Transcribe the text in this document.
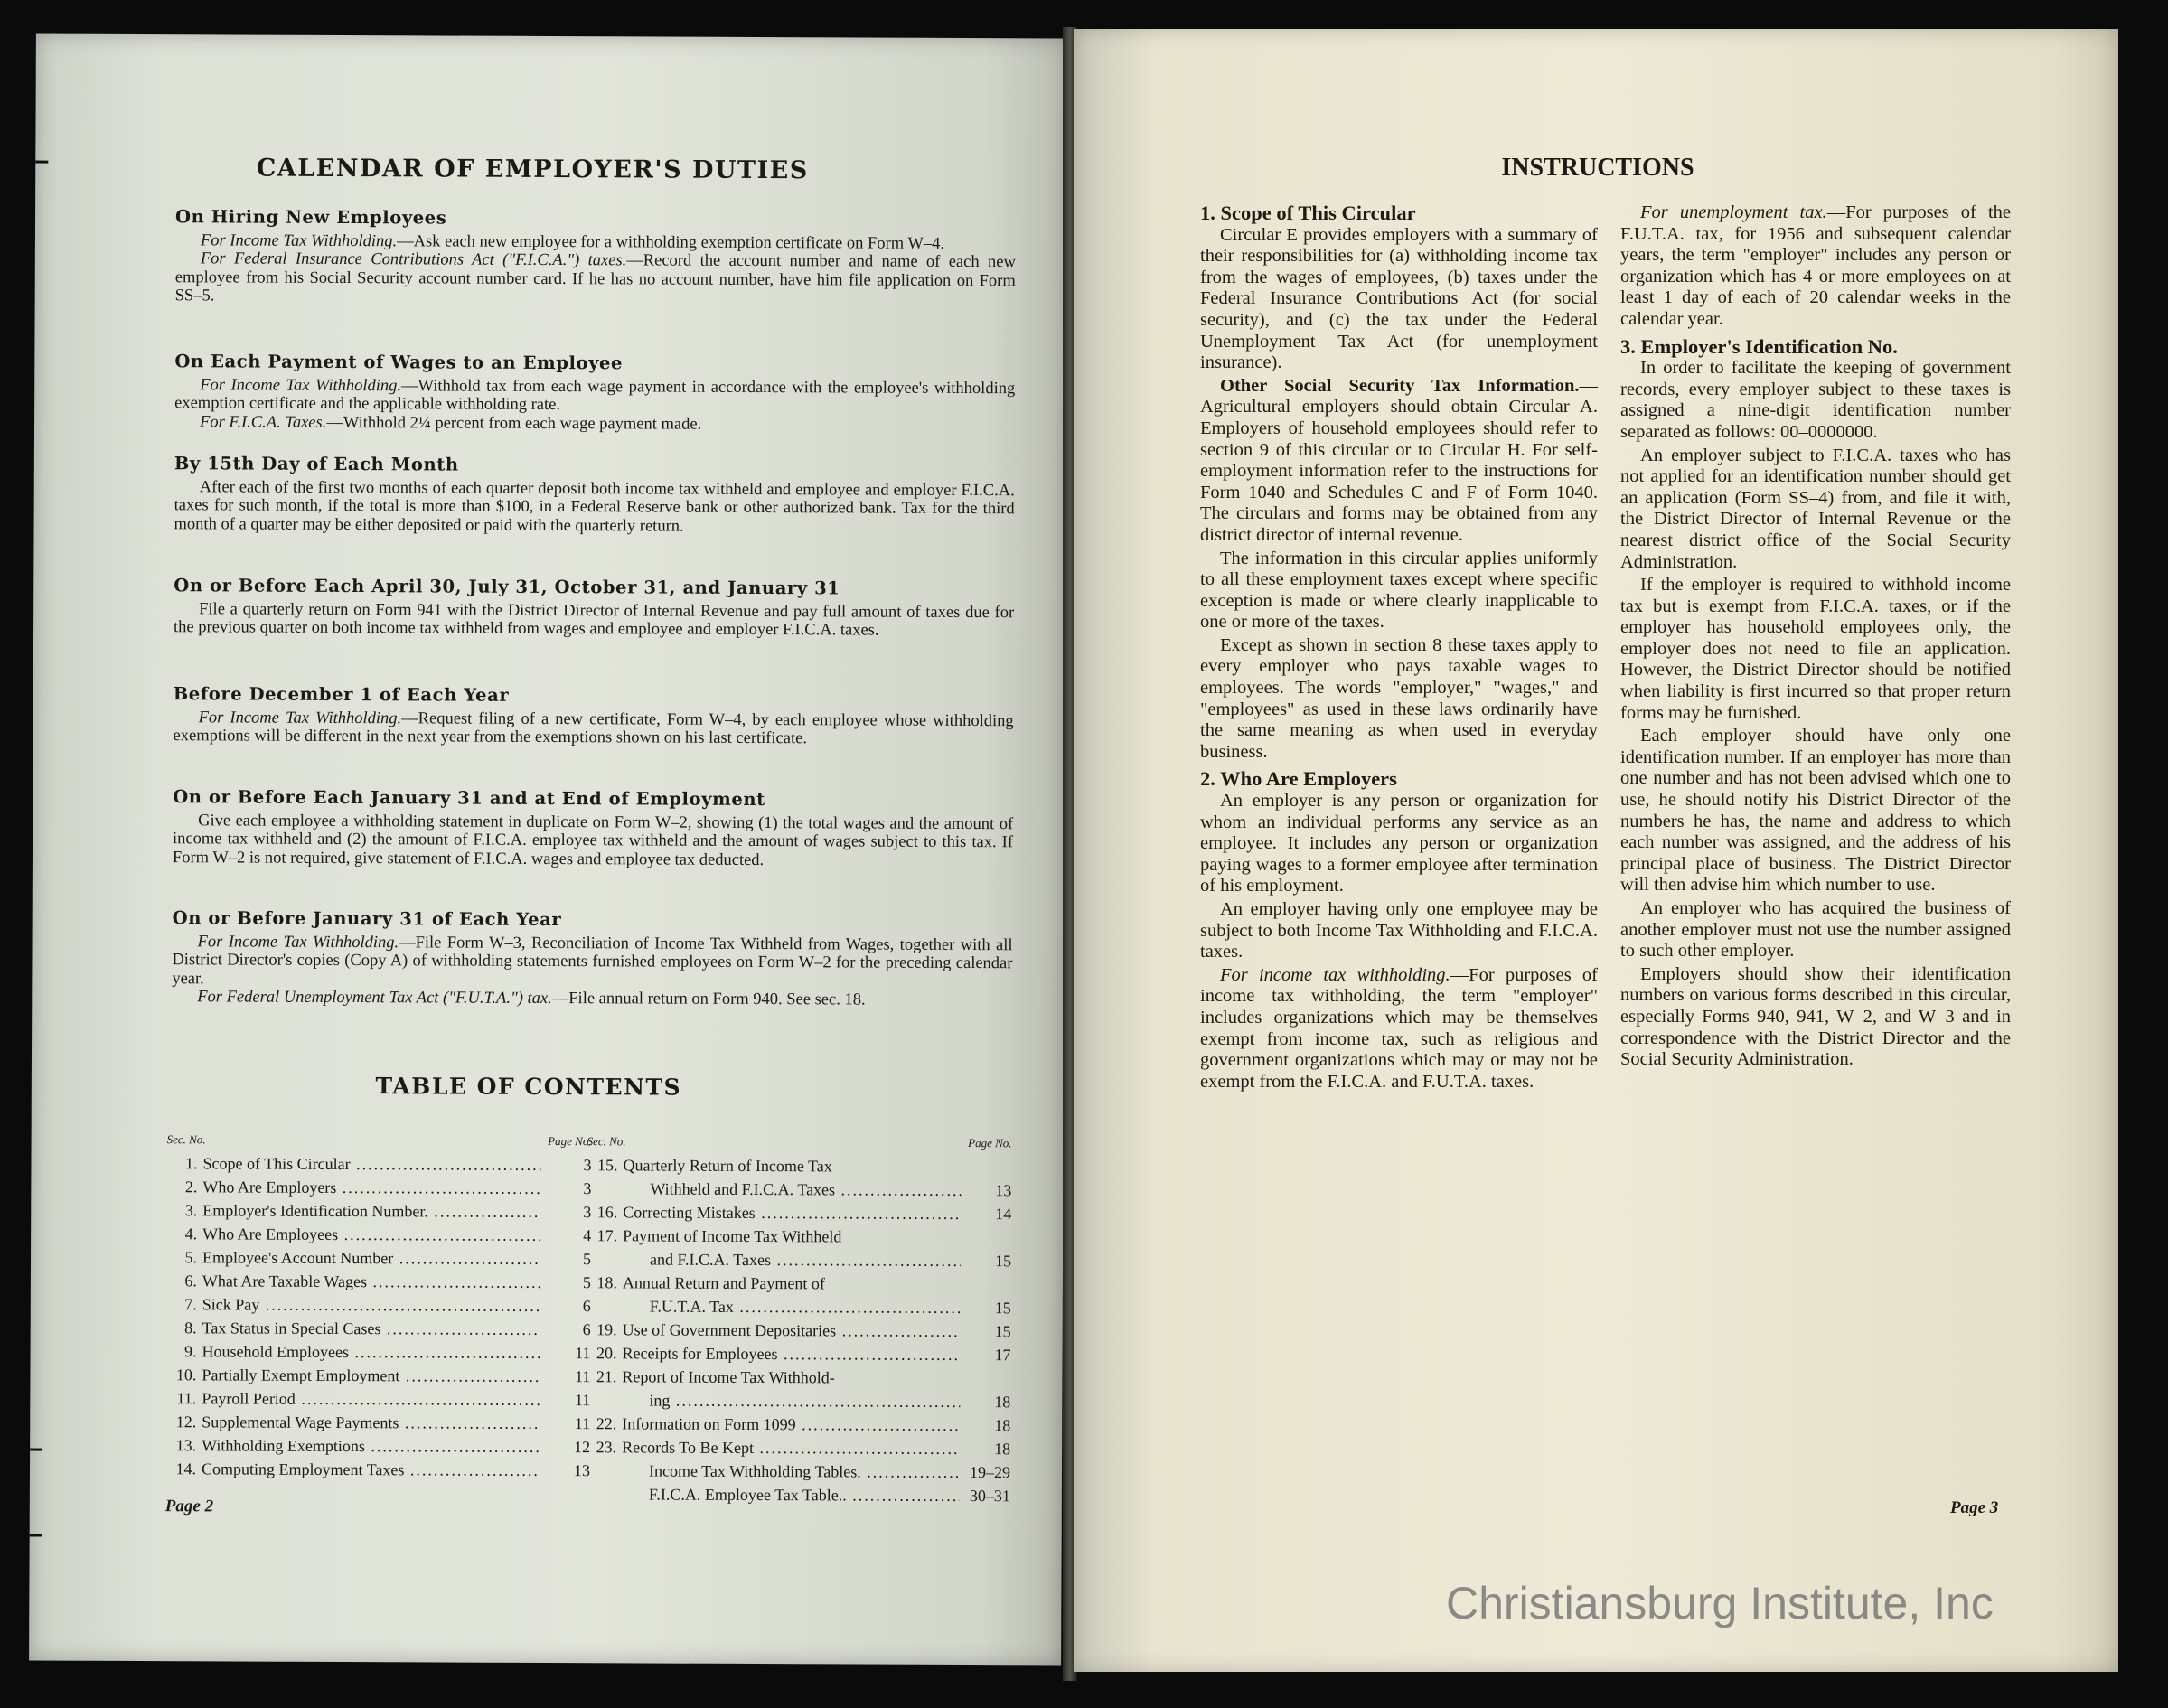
CALENDAR OF EMPLOYER'S DUTIES
On Hiring New Employees

For Income Tax Withholding.—Ask each new employee for a withholding exemption certificate on Form W–4.

For Federal Insurance Contributions Act ("F.I.C.A.") taxes.—Record the account number and name of each new employee from his Social Security account number card. If he has no account number, have him file application on Form SS–5.

On Each Payment of Wages to an Employee

For Income Tax Withholding.—Withhold tax from each wage payment in accordance with the employee's withholding exemption certificate and the applicable withholding rate.

For F.I.C.A. Taxes.—Withhold 2¼ percent from each wage payment made.

By 15th Day of Each Month

After each of the first two months of each quarter deposit both income tax withheld and employee and employer F.I.C.A. taxes for such month, if the total is more than $100, in a Federal Reserve bank or other authorized bank. Tax for the third month of a quarter may be either deposited or paid with the quarterly return.

On or Before Each April 30, July 31, October 31, and January 31

File a quarterly return on Form 941 with the District Director of Internal Revenue and pay full amount of taxes due for the previous quarter on both income tax withheld from wages and employee and employer F.I.C.A. taxes.

Before December 1 of Each Year

For Income Tax Withholding.—Request filing of a new certificate, Form W–4, by each employee whose withholding exemptions will be different in the next year from the exemptions shown on his last certificate.

On or Before Each January 31 and at End of Employment

Give each employee a withholding statement in duplicate on Form W–2, showing (1) the total wages and the amount of income tax withheld and (2) the amount of F.I.C.A. employee tax withheld and the amount of wages subject to this tax. If Form W–2 is not required, give statement of F.I.C.A. wages and employee tax deducted.

On or Before January 31 of Each Year

For Income Tax Withholding.—File Form W–3, Reconciliation of Income Tax Withheld from Wages, together with all District Director's copies (Copy A) of withholding statements furnished employees on Form W–2 for the preceding calendar year.

For Federal Unemployment Tax Act ("F.U.T.A.") tax.—File annual return on Form 940. See sec. 18.

TABLE OF CONTENTS
Sec. No.	Page No.
1. Scope of This Circular .....	3
2. Who Are Employers .....	3
3. Employer's Identification Number. .....	3
4. Who Are Employees .....	4
5. Employee's Account Number .....	5
6. What Are Taxable Wages .....	5
7. Sick Pay .....	6
8. Tax Status in Special Cases .....	6
9. Household Employees .....	11
10. Partially Exempt Employment .....	11
11. Payroll Period .....	11
12. Supplemental Wage Payments .....	11
13. Withholding Exemptions .....	12
14. Computing Employment Taxes .....	13
Sec. No.	Page No.
15. Quarterly Return of Income Tax
Withheld and F.I.C.A. Taxes .....	13
16. Correcting Mistakes .....	14
17. Payment of Income Tax Withheld
and F.I.C.A. Taxes .....	15
18. Annual Return and Payment of
F.U.T.A. Tax .....	15
19. Use of Government Depositaries .....	15
20. Receipts for Employees .....	17
21. Report of Income Tax Withhold-
ing .....	18
22. Information on Form 1099 .....	18
23. Records To Be Kept .....	18
Income Tax Withholding Tables. .....	19–29
F.I.C.A. Employee Tax Table.. .....	30–31
Page 2
INSTRUCTIONS
1. Scope of This Circular

Circular E provides employers with a summary of their responsibilities for (a) withholding income tax from the wages of employees, (b) taxes under the Federal Insurance Contributions Act (for social security), and (c) the tax under the Federal Unemployment Tax Act (for unemployment insurance).

Other Social Security Tax Information.—Agricultural employers should obtain Circular A. Employers of household employees should refer to section 9 of this circular or to Circular H. For self-employment information refer to the instructions for Form 1040 and Schedules C and F of Form 1040. The circulars and forms may be obtained from any district director of internal revenue.

The information in this circular applies uniformly to all these employment taxes except where specific exception is made or where clearly inapplicable to one or more of the taxes.

Except as shown in section 8 these taxes apply to every employer who pays taxable wages to employees. The words "employer," "wages," and "employees" as used in these laws ordinarily have the same meaning as when used in everyday business.

2. Who Are Employers

An employer is any person or organization for whom an individual performs any service as an employee. It includes any person or organization paying wages to a former employee after termination of his employment.

An employer having only one employee may be subject to both Income Tax Withholding and F.I.C.A. taxes.

For income tax withholding.—For purposes of income tax withholding, the term "employer" includes organizations which may be themselves exempt from income tax, such as religious and government organizations which may or may not be exempt from the F.I.C.A. and F.U.T.A. taxes.

For unemployment tax.—For purposes of the F.U.T.A. tax, for 1956 and subsequent calendar years, the term "employer" includes any person or organization which has 4 or more employees on at least 1 day of each of 20 calendar weeks in the calendar year.

3. Employer's Identification No.

In order to facilitate the keeping of government records, every employer subject to these taxes is assigned a nine-digit identification number separated as follows: 00–0000000.

An employer subject to F.I.C.A. taxes who has not applied for an identification number should get an application (Form SS–4) from, and file it with, the District Director of Internal Revenue or the nearest district office of the Social Security Administration.

If the employer is required to withhold income tax but is exempt from F.I.C.A. taxes, or if the employer has household employees only, the employer does not need to file an application. However, the District Director should be notified when liability is first incurred so that proper return forms may be furnished.

Each employer should have only one identification number. If an employer has more than one number and has not been advised which one to use, he should notify his District Director of the numbers he has, the name and address to which each number was assigned, and the address of his principal place of business. The District Director will then advise him which number to use.

An employer who has acquired the business of another employer must not use the number assigned to such other employer.

Employers should show their identification numbers on various forms described in this circular, especially Forms 940, 941, W–2, and W–3 and in correspondence with the District Director and the Social Security Administration.

Page 3
Christiansburg Institute, Inc
